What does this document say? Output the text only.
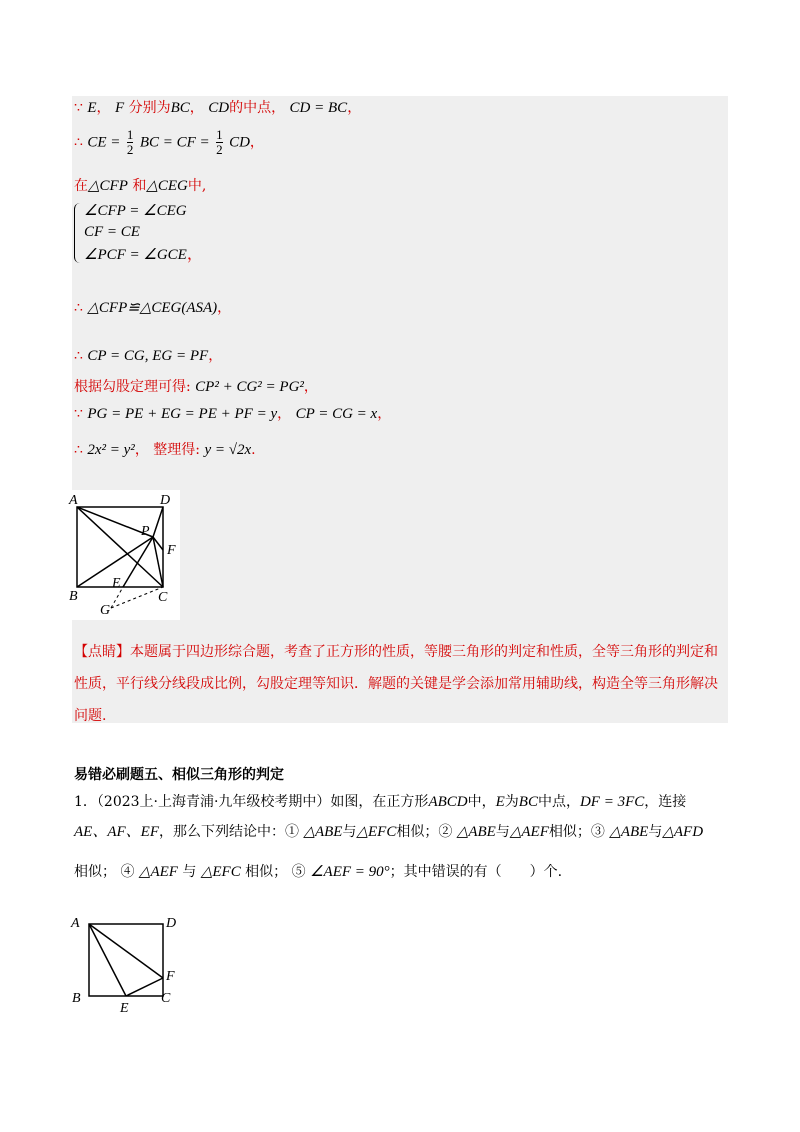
∵ E， F 分别为BC， CD的中点， CD = BC，
∴ CE = $\frac{1}{2}$ BC = CF = $\frac{1}{2}$ CD，
在△CFP 和△CEG中,
∠CFP = ∠CEG
CF = CE
∠PCF = ∠GCE，
∴ △CFP≌△CEG(ASA)，
∴ CP = CG, EG = PF，
根据勾股定理可得: CP² + CG² = PG²，
∵ PG = PE + EG = PE + PF = y， CP = CG = x，
∴ 2x² = y²， 整理得: y = √2x.
A	D
P
F
E
B	C
G
【点睛】本题属于四边形综合题，考查了正方形的性质，等腰三角形的判定和性质，全等三角形的判定和性质，平行线分线段成比例，勾股定理等知识．解题的关键是学会添加常用辅助线，构造全等三角形解决问题.
易错必刷题五、相似三角形的判定
1．（2023上·上海青浦·九年级校考期中）如图，在正方形ABCD中，E为BC中点，DF = 3FC，连接
AE、AF、EF，那么下列结论中：① △ABE与△EFC相似；② △ABE与△AEF相似；③ △ABE与△AFD
相似； ④ △AEF 与 △EFC 相似； ⑤ ∠AEF = 90°；其中错误的有（　　）个.
A	D
F
B
E
C
